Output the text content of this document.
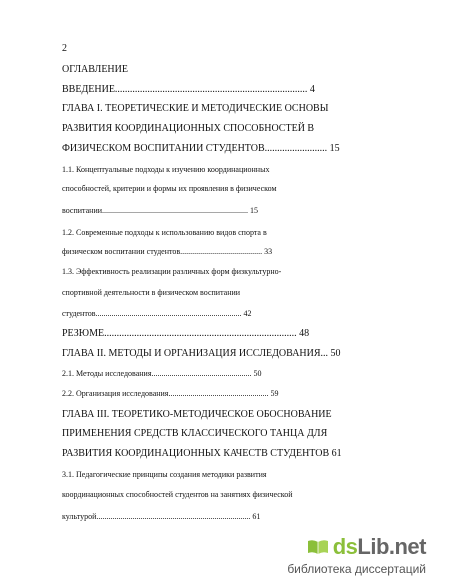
2
ОГЛАВЛЕНИЕ
ВВЕДЕНИЕ............................................................................. 4
ГЛАВА I. ТЕОРЕТИЧЕСКИЕ И МЕТОДИЧЕСКИЕ ОСНОВЫ
РАЗВИТИЯ КООРДИНАЦИОННЫХ СПОСОБНОСТЕЙ В
ФИЗИЧЕСКОМ ВОСПИТАНИИ СТУДЕНТОВ......................... 15
1.1. Концептуальные подходы к изучению координационных
способностей, критерии и формы их проявления в физическом
воспитании......................................................................... 15
1.2. Современные подходы к использованию видов спорта в
физическом воспитании студентов......................................... 33
1.3. Эффективность реализации различных форм физкультурно-
спортивной деятельности в физическом воспитании
студентов......................................................................... 42
РЕЗЮМЕ............................................................................. 48
ГЛАВА II. МЕТОДЫ И ОРГАНИЗАЦИЯ ИССЛЕДОВАНИЯ... 50
2.1. Методы исследования.................................................. 50
2.2. Организация исследования.................................................. 59
ГЛАВА III. ТЕОРЕТИКО-МЕТОДИЧЕСКОЕ ОБОСНОВАНИЕ
ПРИМЕНЕНИЯ СРЕДСТВ КЛАССИЧЕСКОГО ТАНЦА ДЛЯ
РАЗВИТИЯ КООРДИНАЦИОННЫХ КАЧЕСТВ СТУДЕНТОВ 61
3.1. Педагогические принципы создания методики развития
координационных способностей студентов на занятиях физической
культурой............................................................................. 61
dsLib.net
библиотека диссертаций
